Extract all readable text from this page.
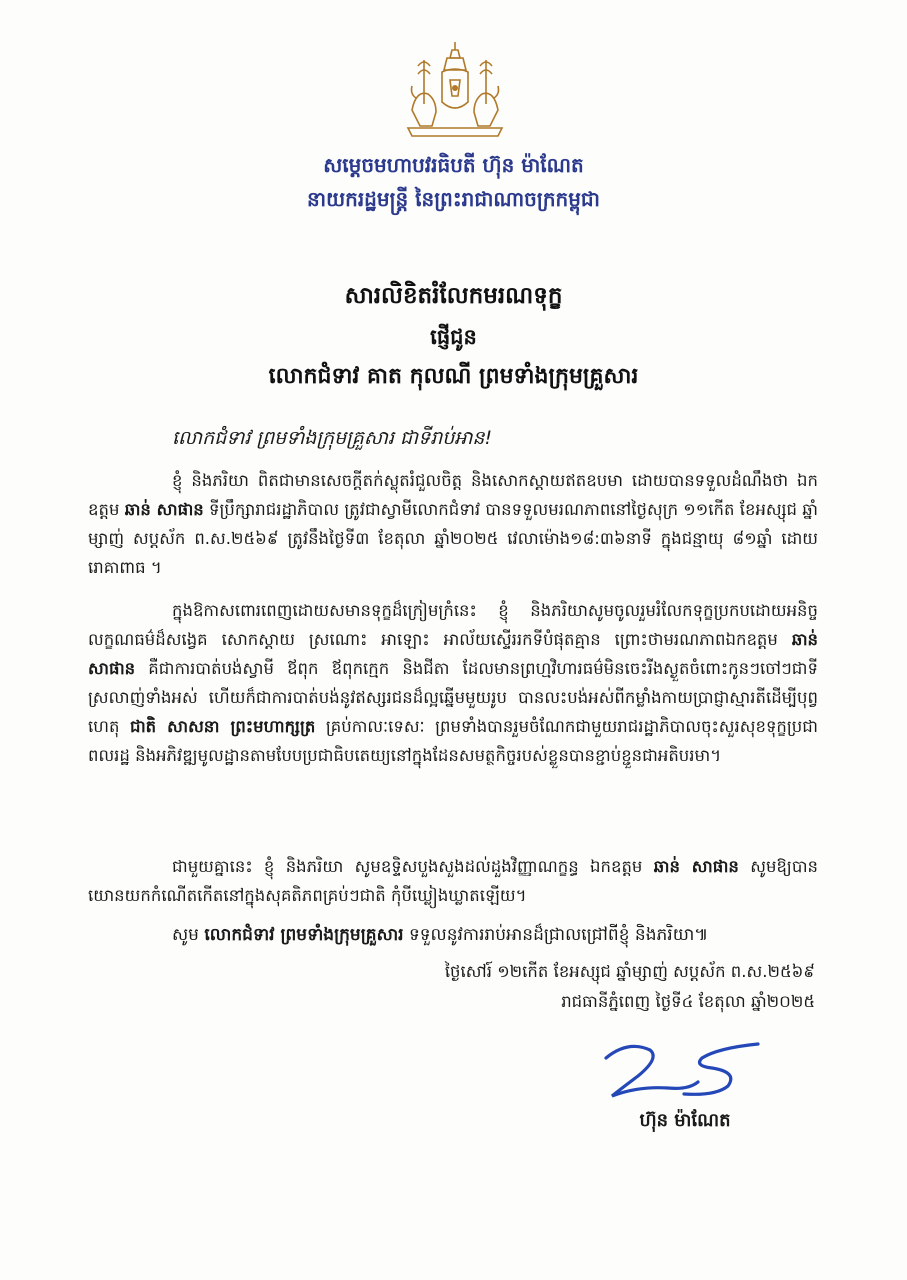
សម្ដេចមហាបវរធិបតី ហ៊ុន ម៉ាណែត
នាយករដ្ឋមន្ត្រី នៃព្រះរាជាណាចក្រកម្ពុជា
សារលិខិតរំលែកមរណទុក្ខ
ផ្ញើជូន
លោកជំទាវ គាត កុលណី ព្រមទាំងក្រុមគ្រួសារ
លោកជំទាវ ព្រមទាំងក្រុមគ្រួសារ ជាទីរាប់អាន!
ខ្ញុំ និងភរិយា ពិតជាមានសេចក្តីតក់ស្លុតរំជួលចិត្ត និងសោកស្តាយឥតឧបមា ដោយបានទទួលដំណឹងថា ឯកឧត្តម ឆាន់ សាផាន ទីប្រឹក្សារាជរដ្ឋាភិបាល ត្រូវជាស្វាមីលោកជំទាវ បានទទួលមរណភាពនៅថ្ងៃសុក្រ ១១កើត ខែអស្សុជ ឆ្នាំម្សាញ់ សប្តស័ក ព.ស.២៥៦៩ ត្រូវនឹងថ្ងៃទី៣ ខែតុលា ឆ្នាំ២០២៥ វេលាម៉ោង១៨:៣៦នាទី ក្នុងជន្មាយុ ៨១ឆ្នាំ ដោយរោគាពាធ ។
ក្នុងឱកាសពោរពេញដោយសមានទុក្ខដ៏ក្រៀមក្រំនេះ ខ្ញុំ និងភរិយាសូមចូលរួមរំលែកទុក្ខប្រកបដោយអនិច្ចលក្ខណធម៌ដ៏សង្វេគ សោកស្តាយ ស្រណោះ អាឡោះ អាល័យស្ទើររកទីបំផុតគ្មាន ព្រោះថាមរណភាពឯកឧត្តម ឆាន់ សាផាន គឺជាការបាត់បង់ស្វាមី ឪពុក ឪពុកក្មេក និងជីតា ដែលមានព្រហ្មវិហារធម៌មិនចេះរីងស្ងួតចំពោះកូនៗចៅៗជាទីស្រលាញ់ទាំងអស់ ហើយក៏ជាការបាត់បង់នូវឥស្សរជនដ៏ល្អឆ្នើមមួយរូប បានលះបង់អស់ពីកម្លាំងកាយប្រាជ្ញាស្មារតីដើម្បីបុព្វហេតុ ជាតិ សាសនា ព្រះមហាក្សត្រ គ្រប់កាលៈទេសៈ ព្រមទាំងបានរួមចំណែកជាមួយរាជរដ្ឋាភិបាលចុះសួរសុខទុក្ខប្រជាពលរដ្ឋ និងអភិវឌ្ឍមូលដ្ឋានតាមបែបប្រជាធិបតេយ្យនៅក្នុងដែនសមត្ថកិច្ចរបស់ខ្លួនបានខ្ជាប់ខ្ជួនជាអតិបរមា។
ជាមួយគ្នានេះ ខ្ញុំ និងភរិយា សូមឧទ្ទិសបួងសួងដល់ដួងវិញ្ញាណក្ខន្ធ ឯកឧត្តម ឆាន់ សាផាន សូមឱ្យបានយោនយកកំណើតកើតនៅក្នុងសុគតិភពគ្រប់ៗជាតិ កុំបីឃ្លៀងឃ្លាតឡើយ។
សូម លោកជំទាវ ព្រមទាំងក្រុមគ្រួសារ ទទួលនូវការរាប់អានដ៏ជ្រាលជ្រៅពីខ្ញុំ និងភរិយា៕
ថ្ងៃសៅរ៍ ១២កើត ខែអស្សុជ ឆ្នាំម្សាញ់ សប្តស័ក ព.ស.២៥៦៩
រាជធានីភ្នំពេញ ថ្ងៃទី៤ ខែតុលា ឆ្នាំ២០២៥
ហ៊ុន ម៉ាណែត
